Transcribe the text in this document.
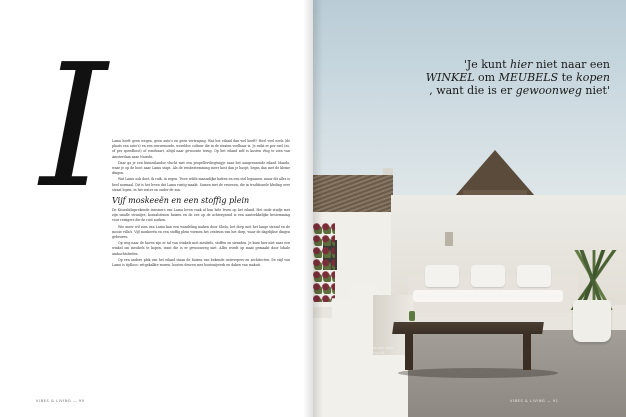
I Lamu heeft geen wegen, geen auto's en geen vertraging. Wat het eiland dan wel heeft? Heel veel ezels (de plaats van auto's) en een eeuwenoude, wereldse cultuur die in de straten voelbaar is. Je ruikt er per ezel (zo, of per speedboot) of rondvaart, altijd naar gewoonte terug. Op het eiland zelf is kosten vlug te zien van Amsterdam naar Nairobi.

Daar ga je een binnenlandse vlucht met een propellervliegtuigje naar het aangrenzende eiland Manda, waar je op de boot naar Lamu stapt. Als de reisbestemming meer kost dan je hoopt, begin dan met de kleine dingen.

Wat Lamu ook doet, ik ruik, in regen. Twee wilde mannelijke katten en een stel leguanen, maar dit alles is heel normaal. Dit is het leven dat Lamu rustig maakt. Samen met de vrouwen, die in traditionele kleding over straat lopen, in het water en onder de zon.

Vijf moskeeën en een stoffig plein

De Kiswahilisprekende inwoners van Lamu leven vaak al hun hele leven op het eiland. Het oude stadje met zijn smalle straatjes, koraalstenen huizen en de zee op de achtergrond is een aantrekkelijke bestemming voor reizigers die de rust zoeken.

Wie meer wil zien van Lamu kan een wandeling maken door Shela, het dorp met het lange strand en de mooie villa's. Vijf moskeeën en een stoffig plein vormen het centrum van het dorp, waar de dagelijkse dingen gebeuren.

Op weg naar de haven zijn er tal van winkels met meubels, stoffen en sieraden. Je kunt hier niet naar een winkel om meubels te kopen, want die is er gewoonweg niet. Alles wordt op maat gemaakt door lokale ambachtslieden.

Op een andere plek van het eiland staan de huizen van bekende ontwerpers en architecten. De stijl van Lamu is tijdloos: witgekalkte muren, houten deuren met houtsnijwerk en daken van makuti.

VIBES & LIVING — 90
'Je kunt hier niet naar een
WINKEL om MEUBELS te kopen
, want die is er gewoonweg niet'
De tafel is gemaakt van een oude deur. De witte banken en de kussens werden gemaakt door lokale ambachtslieden.
VIBES & LIVING — 91
